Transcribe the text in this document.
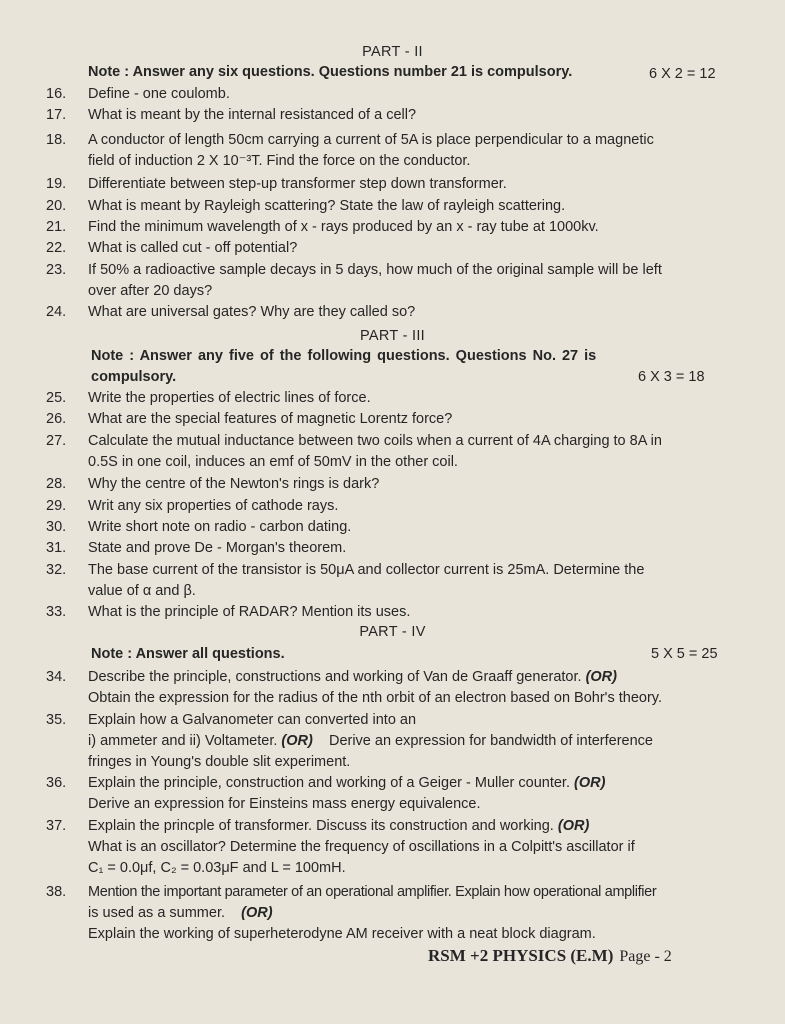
PART - II
Note : Answer any six questions. Questions number 21 is compulsory.	6 X 2 = 12
16.	Define - one coulomb.
17.	What is meant by the internal resistanced of a cell?
18.	A conductor of length 50cm carrying a current of 5A is place perpendicular to a magnetic
field of induction 2 X 10⁻³T. Find the force on the conductor.
19.	Differentiate between step-up transformer step down transformer.
20.	What is meant by Rayleigh scattering? State the law of rayleigh scattering.
21.	Find the minimum wavelength of x - rays produced by an x - ray tube at 1000kv.
22.	What is called cut - off potential?
23.	If 50% a radioactive sample decays in 5 days, how much of the original sample will be left
over after 20 days?
24.	What are universal gates? Why are they called so?
PART - III
Note : Answer any five of the following questions. Questions No. 27 is
compulsory.	6 X 3 = 18
25.	Write the properties of electric lines of force.
26.	What are the special features of magnetic Lorentz force?
27.	Calculate the mutual inductance between two coils when a current of 4A charging to 8A in
0.5S in one coil, induces an emf of 50mV in the other coil.
28.	Why the centre of the Newton's rings is dark?
29.	Writ any six properties of cathode rays.
30.	Write short note on radio - carbon dating.
31.	State and prove De - Morgan's theorem.
32.	The base current of the transistor is 50μA and collector current is 25mA. Determine the
value of α and β.
33.	What is the principle of RADAR? Mention its uses.
PART - IV
Note : Answer all questions.	5 X 5 = 25
34.	Describe the principle, constructions and working of Van de Graaff generator. (OR)
Obtain the expression for the radius of the nth orbit of an electron based on Bohr's theory.
35.	Explain how a Galvanometer can converted into an
i) ammeter and ii) Voltameter. (OR) Derive an expression for bandwidth of interference
fringes in Young's double slit experiment.
36.	Explain the principle, construction and working of a Geiger - Muller counter. (OR)
Derive an expression for Einsteins mass energy equivalence.
37.	Explain the princple of transformer. Discuss its construction and working. (OR)
What is an oscillator? Determine the frequency of oscillations in a Colpitt's ascillator if
C₁ = 0.0μf, C₂ = 0.03μF and L = 100mH.
38.	Mention the important parameter of an operational amplifier. Explain how operational amplifier
is used as a summer. (OR)
Explain the working of superheterodyne AM receiver with a neat block diagram.
RSM +2 PHYSICS (E.M) Page - 2
